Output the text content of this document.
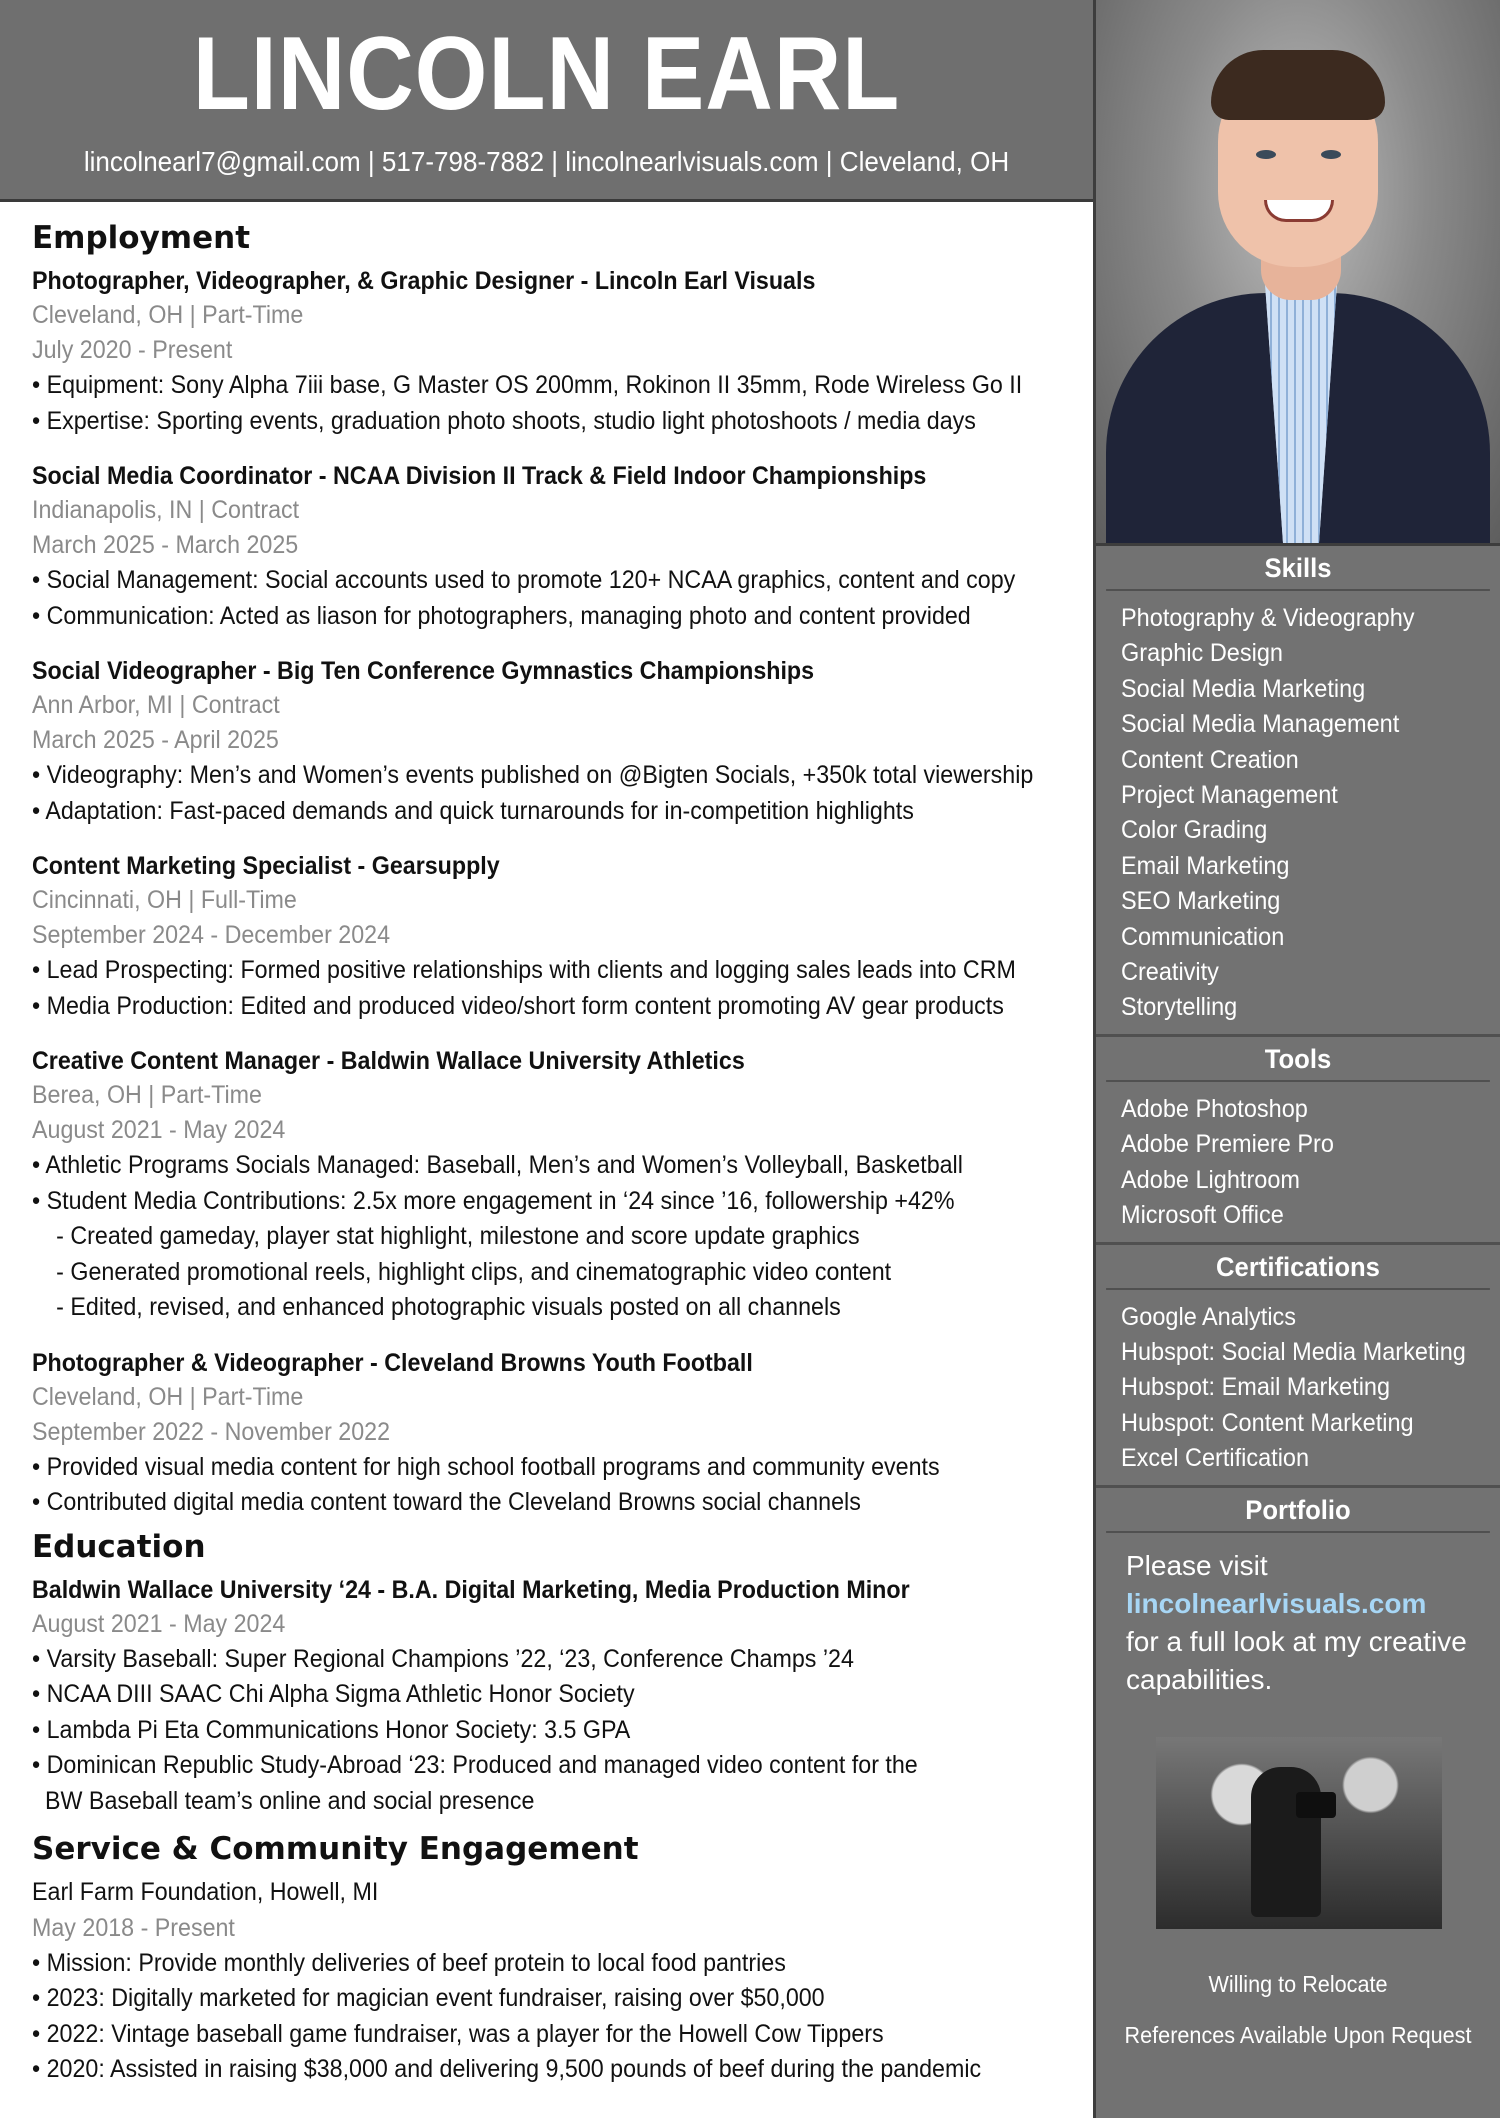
LINCOLN EARL
lincolnearl7@gmail.com | 517-798-7882 | lincolnearlvisuals.com | Cleveland, OH
Employment
Photographer, Videographer, & Graphic Designer - Lincoln Earl Visuals
Cleveland, OH | Part-Time
July 2020 - Present
• Equipment: Sony Alpha 7iii base, G Master OS 200mm, Rokinon II 35mm, Rode Wireless Go II
• Expertise: Sporting events, graduation photo shoots, studio light photoshoots / media days
Social Media Coordinator - NCAA Division II Track & Field Indoor Championships
Indianapolis, IN | Contract
March 2025 - March 2025
• Social Management: Social accounts used to promote 120+ NCAA graphics, content and copy
• Communication: Acted as liason for photographers, managing photo and content provided
Social Videographer - Big Ten Conference Gymnastics Championships
Ann Arbor, MI | Contract
March 2025 - April 2025
• Videography: Men’s and Women’s events published on @Bigten Socials, +350k total viewership
• Adaptation: Fast-paced demands and quick turnarounds for in-competition highlights
Content Marketing Specialist - Gearsupply
Cincinnati, OH | Full-Time
September 2024 - December 2024
• Lead Prospecting: Formed positive relationships with clients and logging sales leads into CRM
• Media Production: Edited and produced video/short form content promoting AV gear products
Creative Content Manager - Baldwin Wallace University Athletics
Berea, OH | Part-Time
August 2021 - May 2024
• Athletic Programs Socials Managed: Baseball, Men’s and Women’s Volleyball, Basketball
• Student Media Contributions: 2.5x more engagement in ‘24 since ’16, followership +42%
- Created gameday, player stat highlight, milestone and score update graphics
- Generated promotional reels, highlight clips, and cinematographic video content
- Edited, revised, and enhanced photographic visuals posted on all channels
Photographer & Videographer - Cleveland Browns Youth Football
Cleveland, OH | Part-Time
September 2022 - November 2022
• Provided visual media content for high school football programs and community events
• Contributed digital media content toward the Cleveland Browns social channels
Education
Baldwin Wallace University ‘24 - B.A. Digital Marketing, Media Production Minor
August 2021 - May 2024
• Varsity Baseball: Super Regional Champions ’22, ‘23, Conference Champs ’24
• NCAA DIII SAAC Chi Alpha Sigma Athletic Honor Society
• Lambda Pi Eta Communications Honor Society: 3.5 GPA
• Dominican Republic Study-Abroad ‘23: Produced and managed video content for the
BW Baseball team’s online and social presence
Service & Community Engagement
Earl Farm Foundation, Howell, MI
May 2018 - Present
• Mission: Provide monthly deliveries of beef protein to local food pantries
• 2023: Digitally marketed for magician event fundraiser, raising over $50,000
• 2022: Vintage baseball game fundraiser, was a player for the Howell Cow Tippers
• 2020: Assisted in raising $38,000 and delivering 9,500 pounds of beef during the pandemic
Skills
Photography & Videography
Graphic Design
Social Media Marketing
Social Media Management
Content Creation
Project Management
Color Grading
Email Marketing
SEO Marketing
Communication
Creativity
Storytelling
Tools
Adobe Photoshop
Adobe Premiere Pro
Adobe Lightroom
Microsoft Office
Certifications
Google Analytics
Hubspot: Social Media Marketing
Hubspot: Email Marketing
Hubspot: Content Marketing
Excel Certification
Portfolio
Please visit
lincolnearlvisuals.com
for a full look at my creative capabilities.
Willing to Relocate
References Available Upon Request
